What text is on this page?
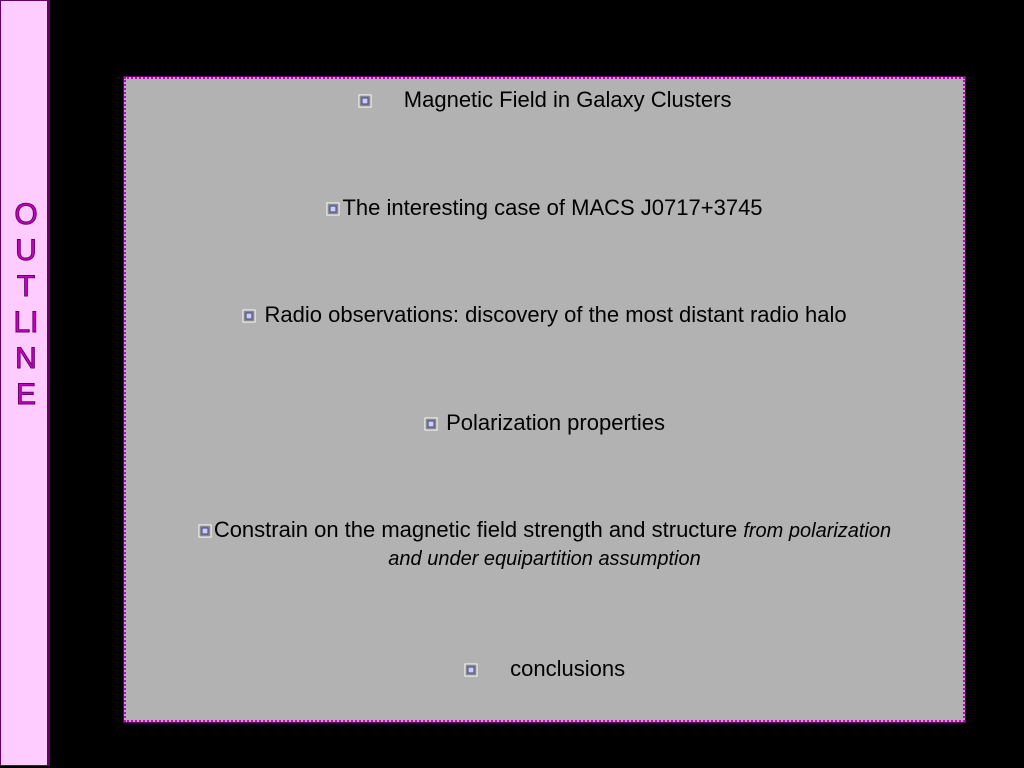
O
U
T
LI
N
E
Magnetic Field in Galaxy Clusters
The interesting case of MACS J0717+3745
Radio observations: discovery of the most distant radio halo
Polarization properties
Constrain on the magnetic field strength and structure from polarization
and under equipartition assumption
conclusions
